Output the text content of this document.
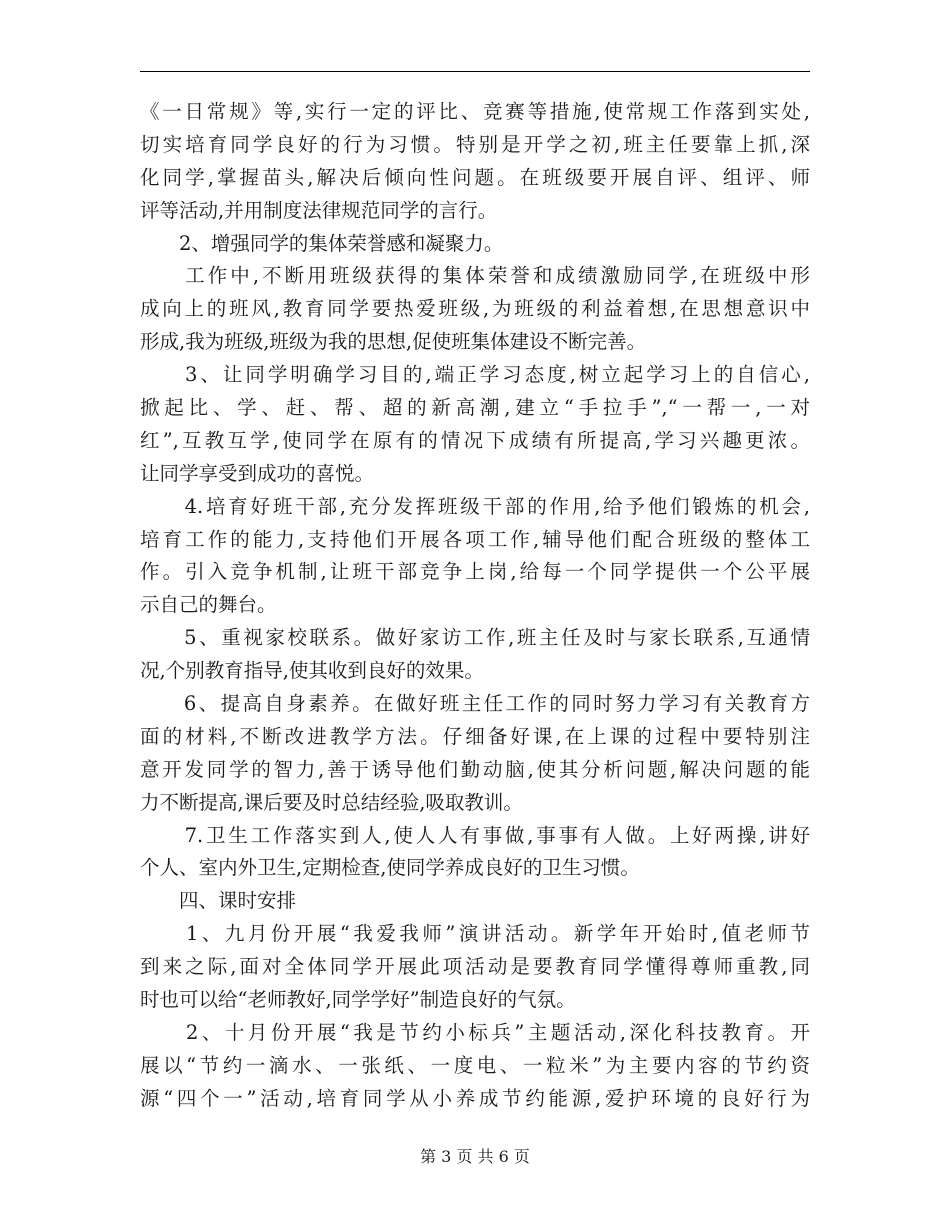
《一日常规》等,实行一定的评比、竞赛等措施,使常规工作落到实处,
切实培育同学良好的行为习惯。特别是开学之初,班主任要靠上抓,深
化同学,掌握苗头,解决后倾向性问题。在班级要开展自评、组评、师
评等活动,并用制度法律规范同学的言行。
　　2、增强同学的集体荣誉感和凝聚力。
　　工作中,不断用班级获得的集体荣誉和成绩激励同学,在班级中形
成向上的班风,教育同学要热爱班级,为班级的利益着想,在思想意识中
形成,我为班级,班级为我的思想,促使班集体建设不断完善。
　　3、让同学明确学习目的,端正学习态度,树立起学习上的自信心,
掀起比、学、赶、帮、超的新高潮,建立“手拉手”,“一帮一,一对
红”,互教互学,使同学在原有的情况下成绩有所提高,学习兴趣更浓。
让同学享受到成功的喜悦。
　　4.培育好班干部,充分发挥班级干部的作用,给予他们锻炼的机会,
培育工作的能力,支持他们开展各项工作,辅导他们配合班级的整体工
作。引入竞争机制,让班干部竞争上岗,给每一个同学提供一个公平展
示自己的舞台。
　　5、重视家校联系。做好家访工作,班主任及时与家长联系,互通情
况,个别教育指导,使其收到良好的效果。
　　6、提高自身素养。在做好班主任工作的同时努力学习有关教育方
面的材料,不断改进教学方法。仔细备好课,在上课的过程中要特别注
意开发同学的智力,善于诱导他们勤动脑,使其分析问题,解决问题的能
力不断提高,课后要及时总结经验,吸取教训。
　　7.卫生工作落实到人,使人人有事做,事事有人做。上好两操,讲好
个人、室内外卫生,定期检查,使同学养成良好的卫生习惯。
　　四、课时安排
　　1、九月份开展“我爱我师”演讲活动。新学年开始时,值老师节
到来之际,面对全体同学开展此项活动是要教育同学懂得尊师重教,同
时也可以给“老师教好,同学学好”制造良好的气氛。
　　2、十月份开展“我是节约小标兵”主题活动,深化科技教育。开
展以“节约一滴水、一张纸、一度电、一粒米”为主要内容的节约资
源“四个一”活动,培育同学从小养成节约能源,爱护环境的良好行为
第 3 页 共 6 页
